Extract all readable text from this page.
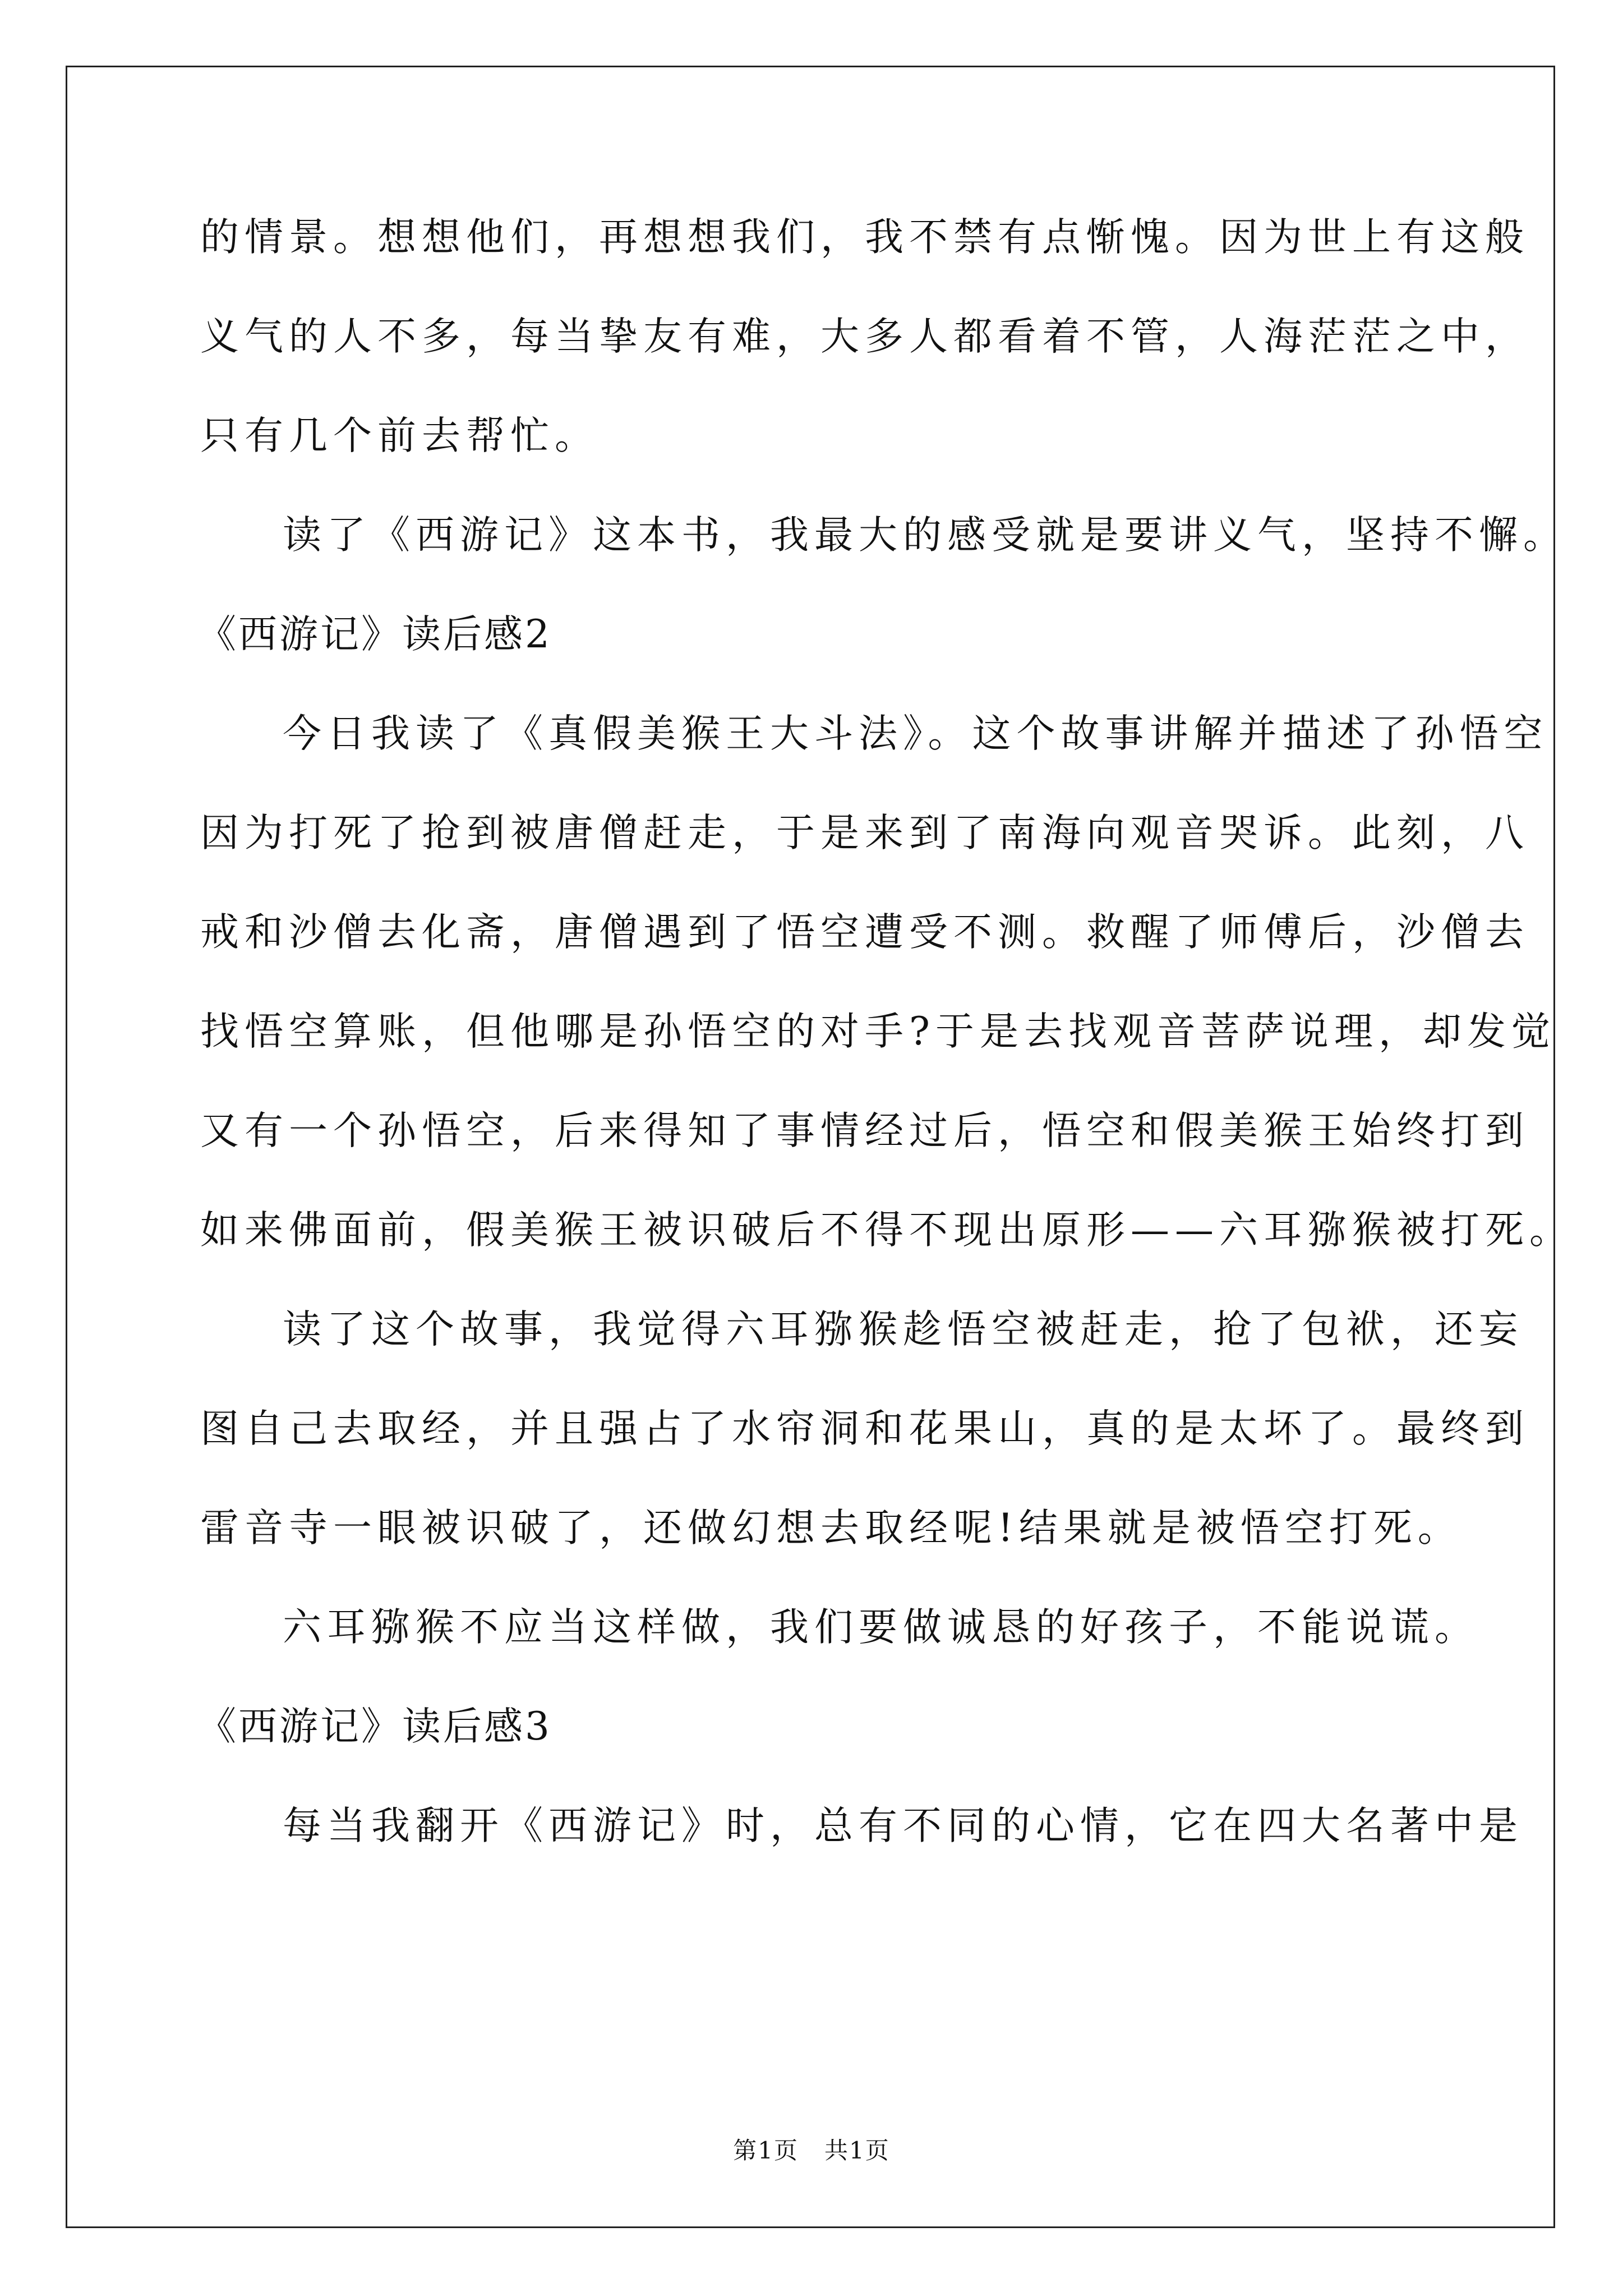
的情景。想想他们，再想想我们，我不禁有点惭愧。因为世上有这般
义气的人不多，每当挚友有难，大多人都看着不管，人海茫茫之中，
只有几个前去帮忙。
读了《西游记》这本书，我最大的感受就是要讲义气，坚持不懈。
《西游记》读后感2
今日我读了《真假美猴王大斗法》。这个故事讲解并描述了孙悟空
因为打死了抢到被唐僧赶走，于是来到了南海向观音哭诉。此刻，八
戒和沙僧去化斋，唐僧遇到了悟空遭受不测。救醒了师傅后，沙僧去
找悟空算账，但他哪是孙悟空的对手?于是去找观音菩萨说理，却发觉
又有一个孙悟空，后来得知了事情经过后，悟空和假美猴王始终打到
如来佛面前，假美猴王被识破后不得不现出原形——六耳猕猴被打死。
读了这个故事，我觉得六耳猕猴趁悟空被赶走，抢了包袱，还妄
图自己去取经，并且强占了水帘洞和花果山，真的是太坏了。最终到
雷音寺一眼被识破了，还做幻想去取经呢!结果就是被悟空打死。
六耳猕猴不应当这样做，我们要做诚恳的好孩子，不能说谎。
《西游记》读后感3
每当我翻开《西游记》时，总有不同的心情，它在四大名著中是
第1页   共1页
